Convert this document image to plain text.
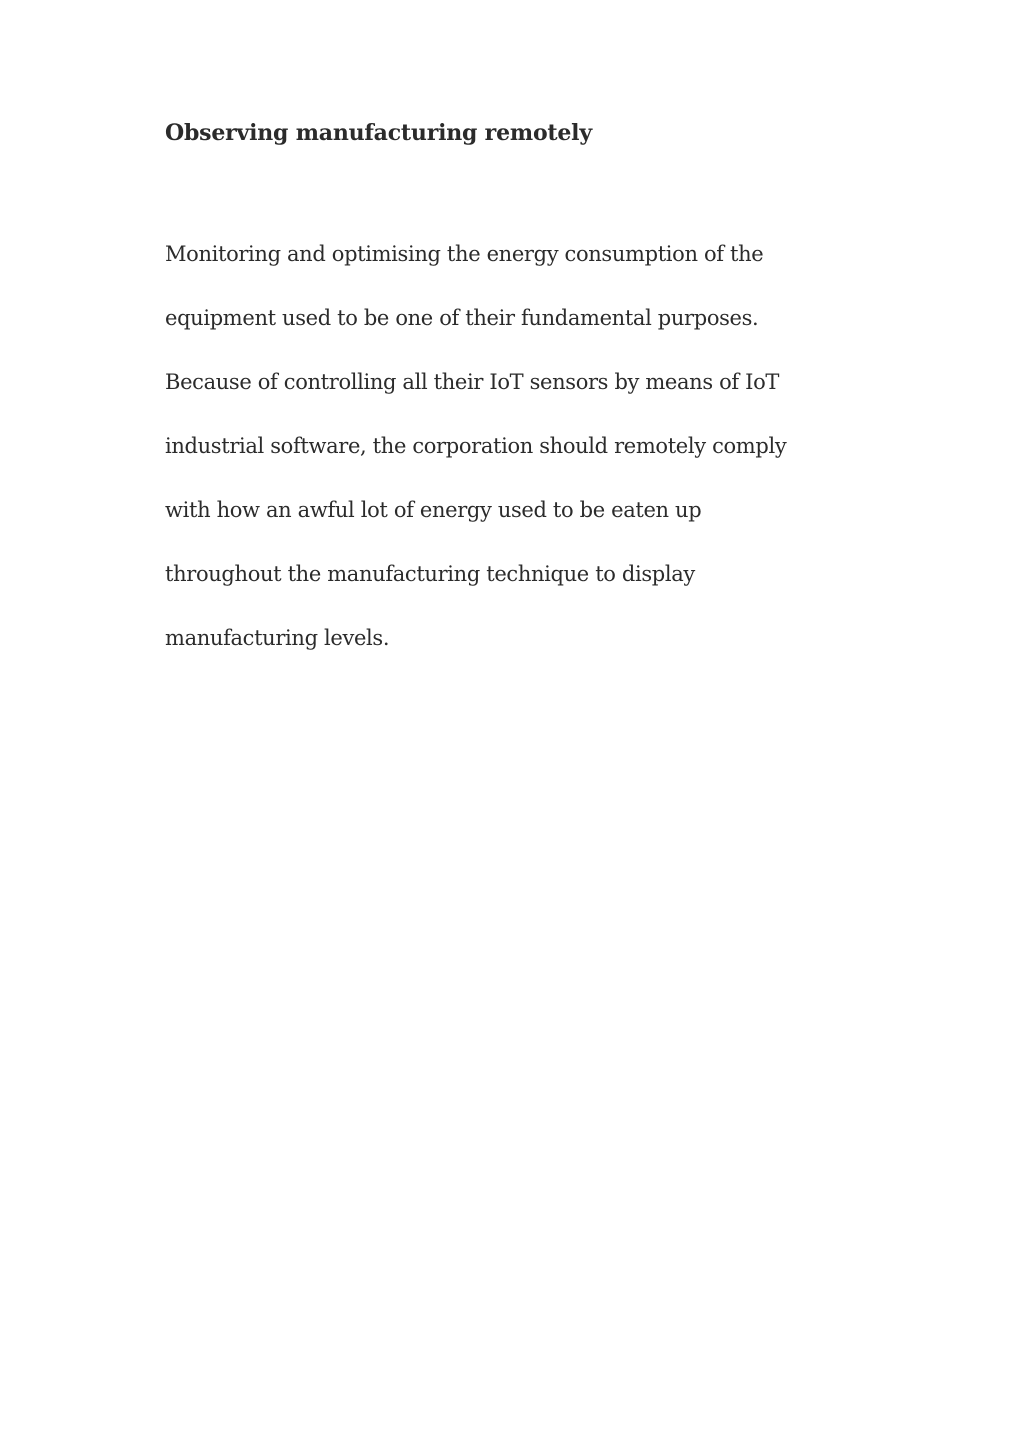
Observing manufacturing remotely
Monitoring and optimising the energy consumption of the
equipment used to be one of their fundamental purposes.
Because of controlling all their IoT sensors by means of IoT
industrial software, the corporation should remotely comply
with how an awful lot of energy used to be eaten up
throughout the manufacturing technique to display
manufacturing levels.
